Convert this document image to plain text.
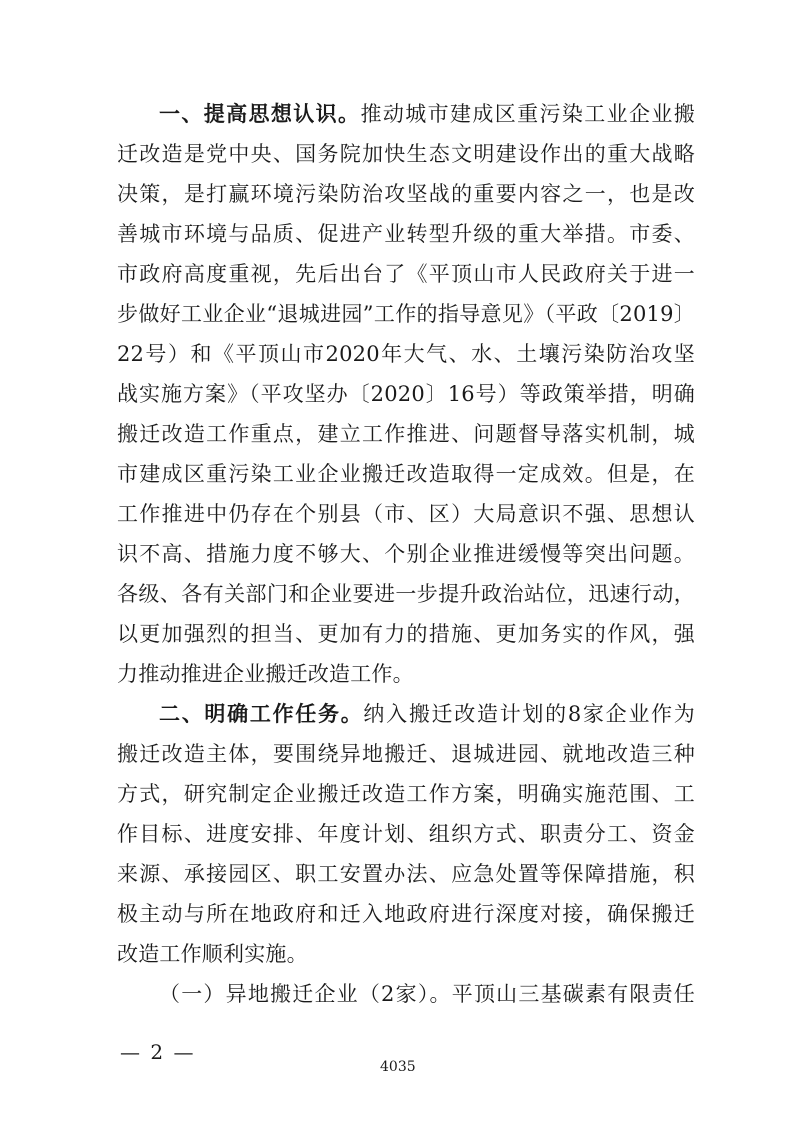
一、提高思想认识。推动城市建成区重污染工业企业搬
迁改造是党中央、国务院加快生态文明建设作出的重大战略
决策，是打赢环境污染防治攻坚战的重要内容之一，也是改
善城市环境与品质、促进产业转型升级的重大举措。市委、
市政府高度重视，先后出台了《平顶山市人民政府关于进一
步做好工业企业“退城进园”工作的指导意见》（平政〔2019〕
22号）和《平顶山市2020年大气、水、土壤污染防治攻坚
战实施方案》（平攻坚办〔2020〕16号）等政策举措，明确
搬迁改造工作重点，建立工作推进、问题督导落实机制，城
市建成区重污染工业企业搬迁改造取得一定成效。但是，在
工作推进中仍存在个别县（市、区）大局意识不强、思想认
识不高、措施力度不够大、个别企业推进缓慢等突出问题。
各级、各有关部门和企业要进一步提升政治站位，迅速行动，
以更加强烈的担当、更加有力的措施、更加务实的作风，强
力推动推进企业搬迁改造工作。
二、明确工作任务。纳入搬迁改造计划的8家企业作为
搬迁改造主体，要围绕异地搬迁、退城进园、就地改造三种
方式，研究制定企业搬迁改造工作方案，明确实施范围、工
作目标、进度安排、年度计划、组织方式、职责分工、资金
来源、承接园区、职工安置办法、应急处置等保障措施，积
极主动与所在地政府和迁入地政府进行深度对接，确保搬迁
改造工作顺利实施。
（一）异地搬迁企业（2家）。平顶山三基碳素有限责任
— 2 —
4035
